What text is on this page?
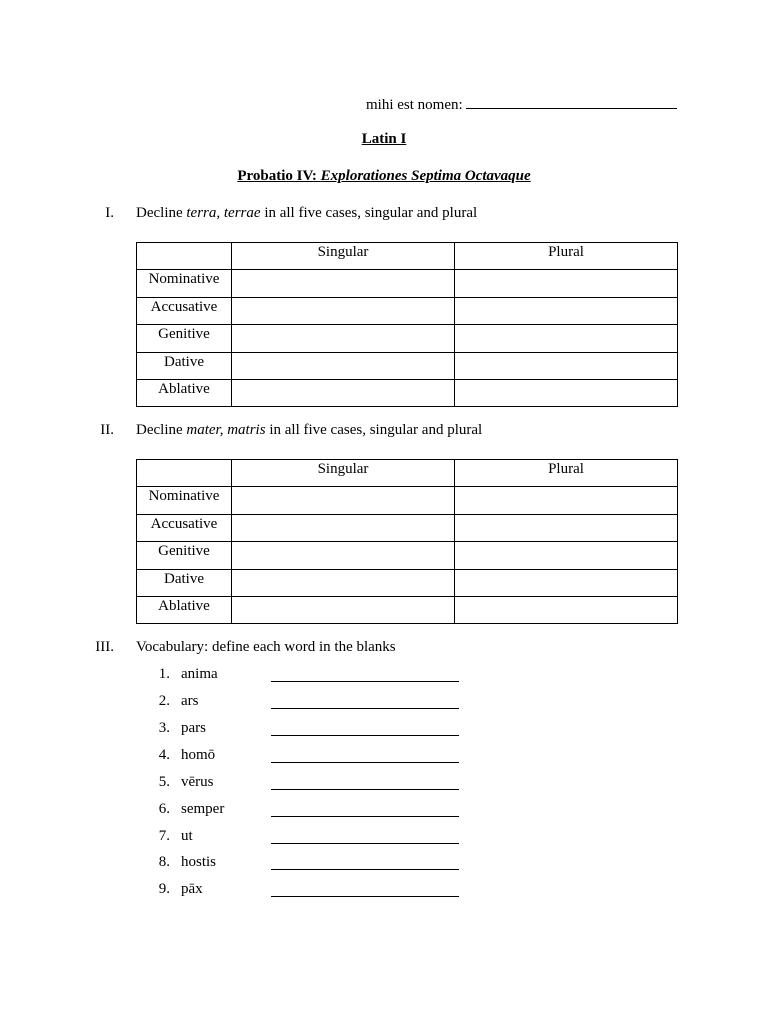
mihi est nomen:
Latin I
Probatio IV: Explorationes Septima Octavaque
I. Decline terra, terrae in all five cases, singular and plural
	Singular	Plural
Nominative		
Accusative		
Genitive		
Dative		
Ablative		
II. Decline mater, matris in all five cases, singular and plural
	Singular	Plural
Nominative		
Accusative		
Genitive		
Dative		
Ablative		
III. Vocabulary: define each word in the blanks
1. anima
2. ars
3. pars
4. homō
5. vērus
6. semper
7. ut
8. hostis
9. pāx
